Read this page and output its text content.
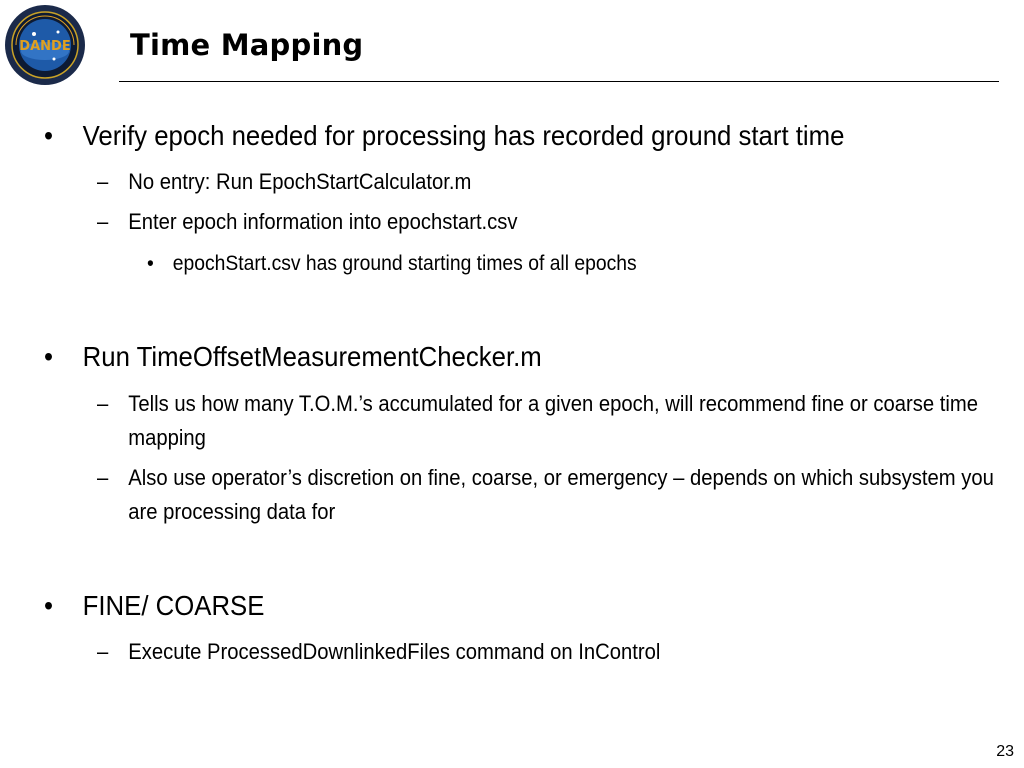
DANDE Time Mapping
• Verify epoch needed for processing has recorded ground start time
– No entry: Run EpochStartCalculator.m
– Enter epoch information into epochstart.csv
• epochStart.csv has ground starting times of all epochs
• Run TimeOffsetMeasurementChecker.m
– Tells us how many T.O.M.’s accumulated for a given epoch, will recommend fine or coarse time mapping
– Also use operator’s discretion on fine, coarse, or emergency – depends on which subsystem you are processing data for
• FINE/ COARSE
– Execute ProcessedDownlinkedFiles command on InControl
23
